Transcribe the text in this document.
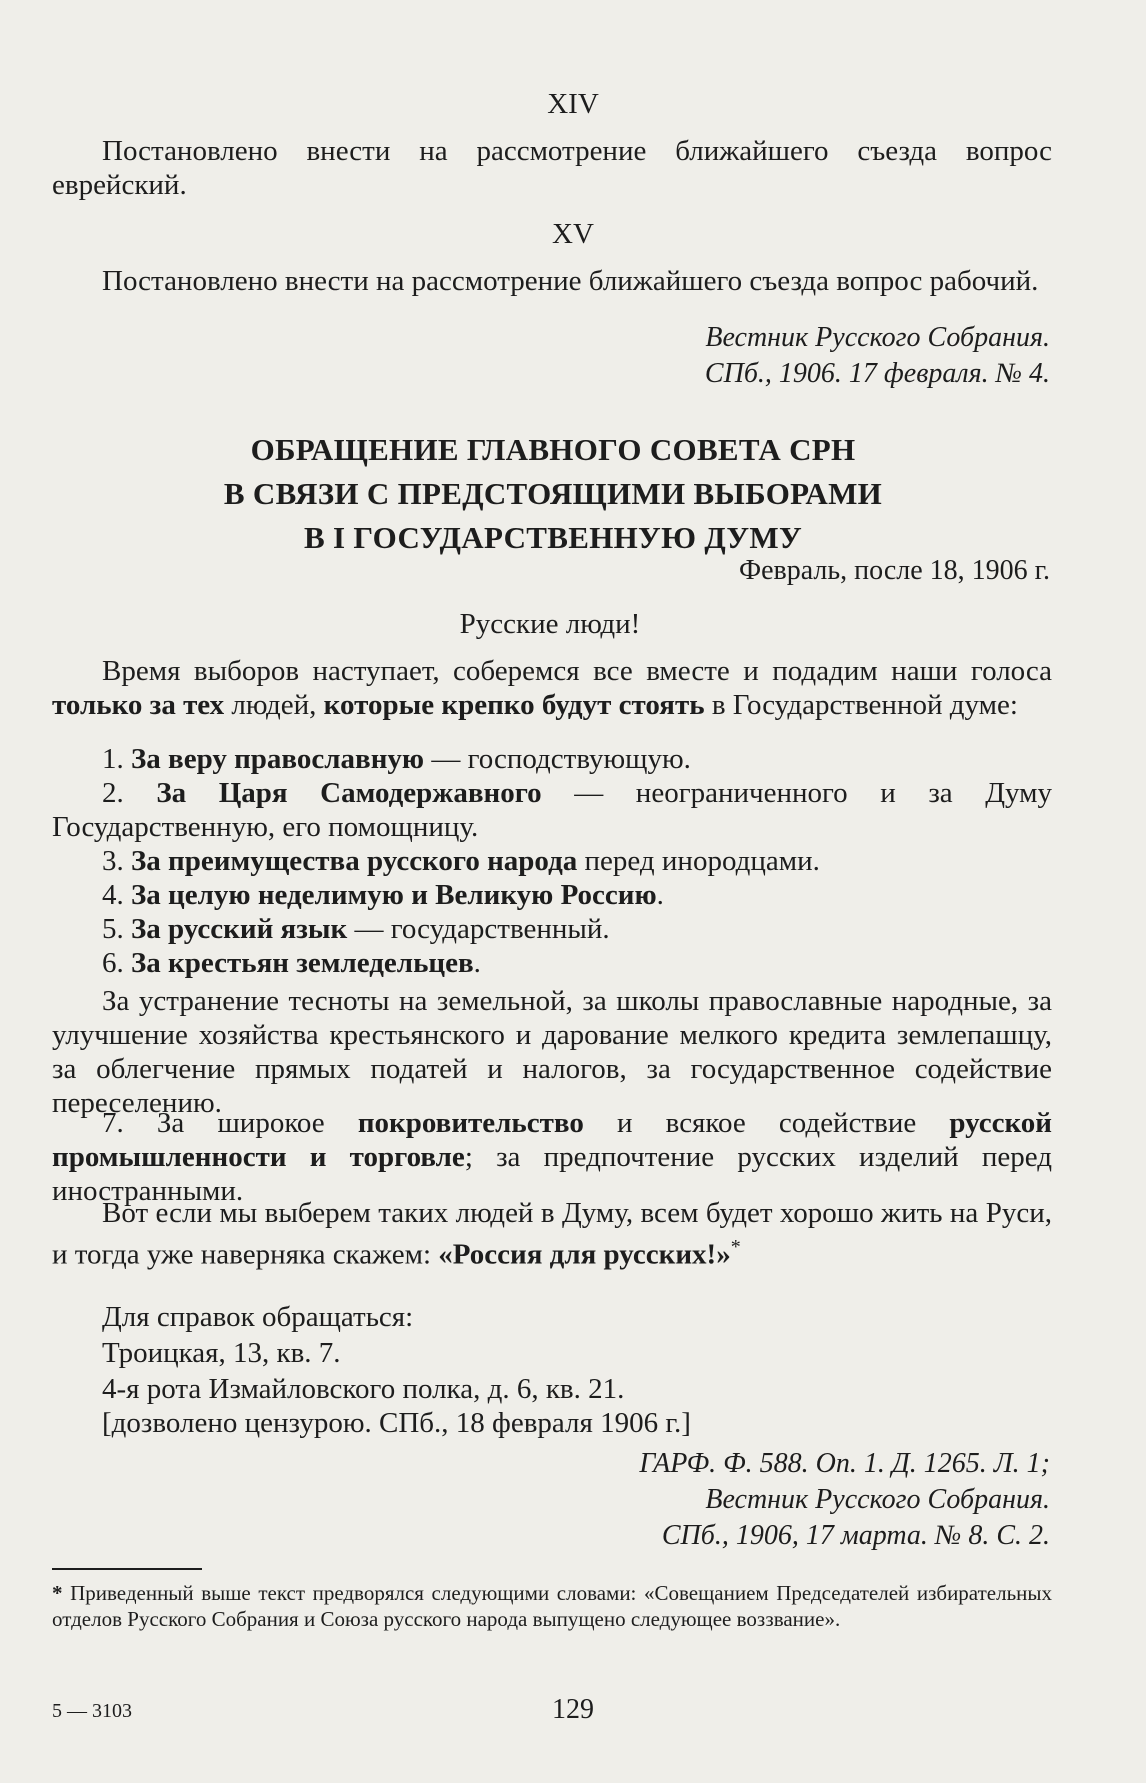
XIV
Постановлено внести на рассмотрение ближайшего съезда вопрос еврейский.
XV
Постановлено внести на рассмотрение ближайшего съезда вопрос рабочий.
Вестник Русского Собрания.
СПб., 1906. 17 февраля. № 4.
ОБРАЩЕНИЕ ГЛАВНОГО СОВЕТА СРН
В СВЯЗИ С ПРЕДСТОЯЩИМИ ВЫБОРАМИ
В I ГОСУДАРСТВЕННУЮ ДУМУ
Февраль, после 18, 1906 г.
Русские люди!
Время выборов наступает, соберемся все вместе и подадим наши голоса только за тех людей, которые крепко будут стоять в Государственной думе:
1. За веру православную — господствующую.
2. За Царя Самодержавного — неограниченного и за Думу Государственную, его помощницу.
3. За преимущества русского народа перед инородцами.
4. За целую неделимую и Великую Россию.
5. За русский язык — государственный.
6. За крестьян земледельцев.
За устранение тесноты на земельной, за школы православные народные, за улучшение хозяйства крестьянского и дарование мелкого кредита землепашцу, за облегчение прямых податей и налогов, за государственное содействие переселению.
7. За широкое покровительство и всякое содействие русской промышленности и торговле; за предпочтение русских изделий перед иностранными.
Вот если мы выберем таких людей в Думу, всем будет хорошо жить на Руси, и тогда уже наверняка скажем: «Россия для русских!»*
Для справок обращаться:
Троицкая, 13, кв. 7.
4-я рота Измайловского полка, д. 6, кв. 21.
[дозволено цензурою. СПб., 18 февраля 1906 г.]
ГАРФ. Ф. 588. Оп. 1. Д. 1265. Л. 1;
Вестник Русского Собрания.
СПб., 1906, 17 марта. № 8. С. 2.
* Приведенный выше текст предворялся следующими словами: «Совещанием Председателей избирательных отделов Русского Собрания и Союза русского народа выпущено следующее воззвание».
5 — 3103	129
